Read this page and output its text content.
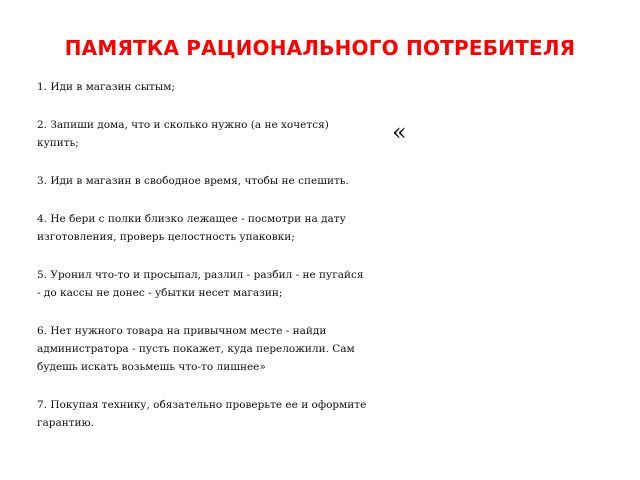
ПАМЯТКА РАЦИОНАЛЬНОГО ПОТРЕБИТЕЛЯ
1. Иди в магазин сытым;
2. Запиши дома, что и сколько нужно (а не хочется) купить;
3. Иди в магазин в свободное время, чтобы не спешить.
4. Не бери с полки близко лежащее - посмотри на дату изготовления, проверь целостность упаковки;
5. Уронил что-то и просыпал, разлил - разбил - не пугайся - до кассы не донес - убытки несет магазин;
6. Нет нужного товара на привычном месте - найди администратора - пусть покажет, куда переложили. Сам будешь искать возьмешь что-то лишнее»
7. Покупая технику, обязательно проверьте ее и оформите гарантию.
«
